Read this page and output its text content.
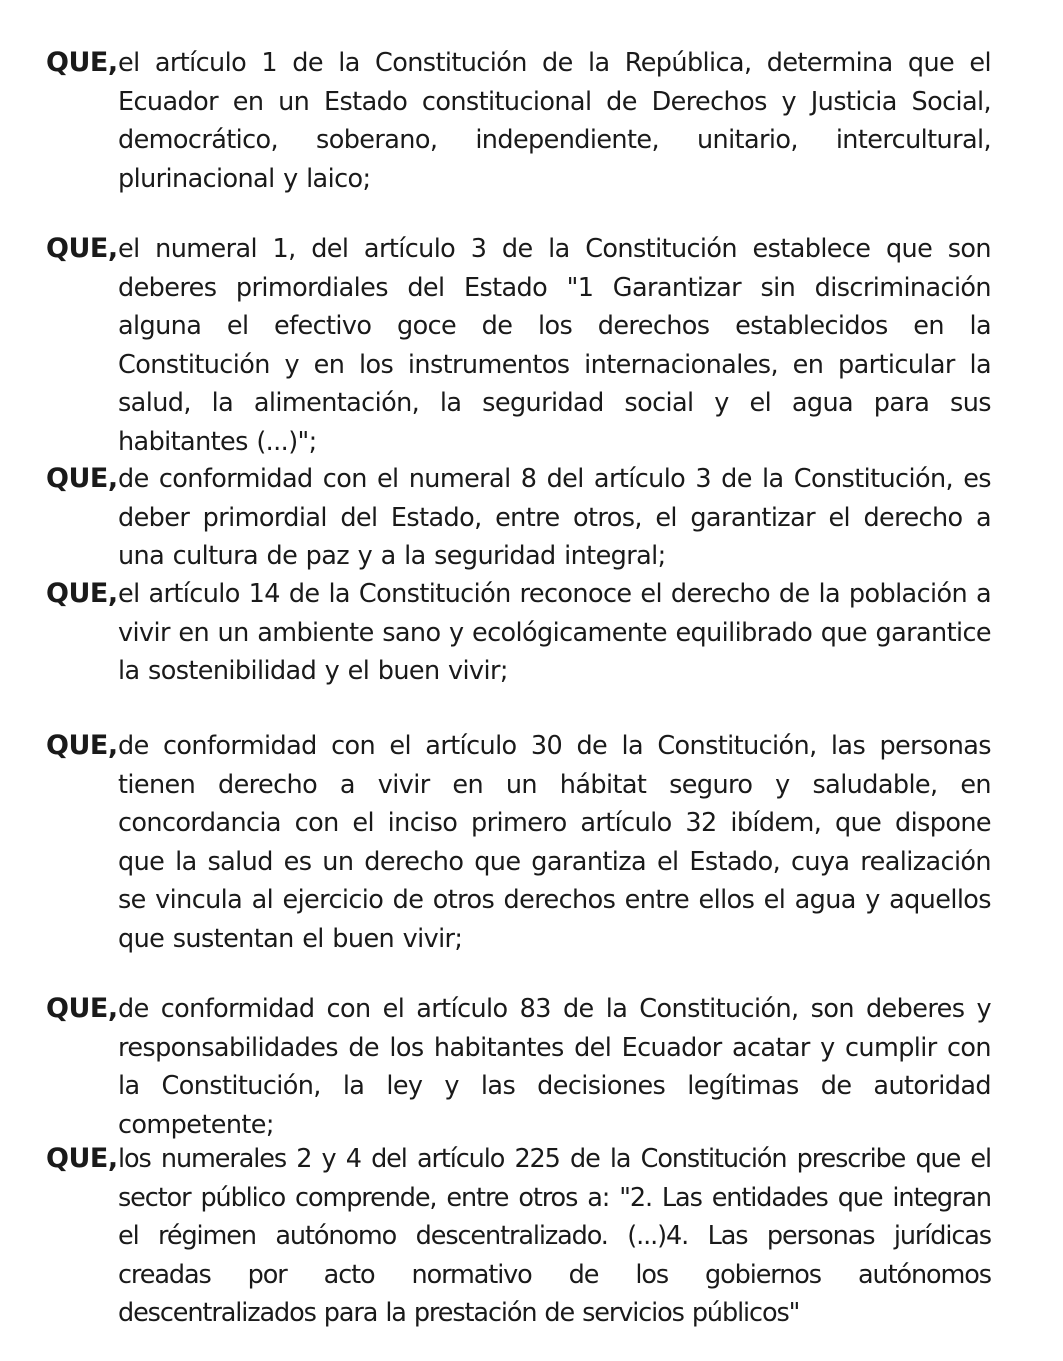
QUE, el artículo 1 de la Constitución de la República, determina que el Ecuador en un Estado constitucional de Derechos y Justicia Social, democrático, soberano, independiente, unitario, intercultural, plurinacional y laico;
QUE, el numeral 1, del artículo 3 de la Constitución establece que son deberes primordiales del Estado "1 Garantizar sin discriminación alguna el efectivo goce de los derechos establecidos en la Constitución y en los instrumentos internacionales, en particular la salud, la alimentación, la seguridad social y el agua para sus habitantes (...)";
QUE, de conformidad con el numeral 8 del artículo 3 de la Constitución, es deber primordial del Estado, entre otros, el garantizar el derecho a una cultura de paz y a la seguridad integral;
QUE, el artículo 14 de la Constitución reconoce el derecho de la población a vivir en un ambiente sano y ecológicamente equilibrado que garantice la sostenibilidad y el buen vivir;
QUE, de conformidad con el artículo 30 de la Constitución, las personas tienen derecho a vivir en un hábitat seguro y saludable, en concordancia con el inciso primero artículo 32 ibídem, que dispone que la salud es un derecho que garantiza el Estado, cuya realización se vincula al ejercicio de otros derechos entre ellos el agua y aquellos que sustentan el buen vivir;
QUE, de conformidad con el artículo 83 de la Constitución, son deberes y responsabilidades de los habitantes del Ecuador acatar y cumplir con la Constitución, la ley y las decisiones legítimas de autoridad competente;
QUE, los numerales 2 y 4 del artículo 225 de la Constitución prescribe que el sector público comprende, entre otros a: "2. Las entidades que integran el régimen autónomo descentralizado. (...)4. Las personas jurídicas creadas por acto normativo de los gobiernos autónomos descentralizados para la prestación de servicios públicos"
